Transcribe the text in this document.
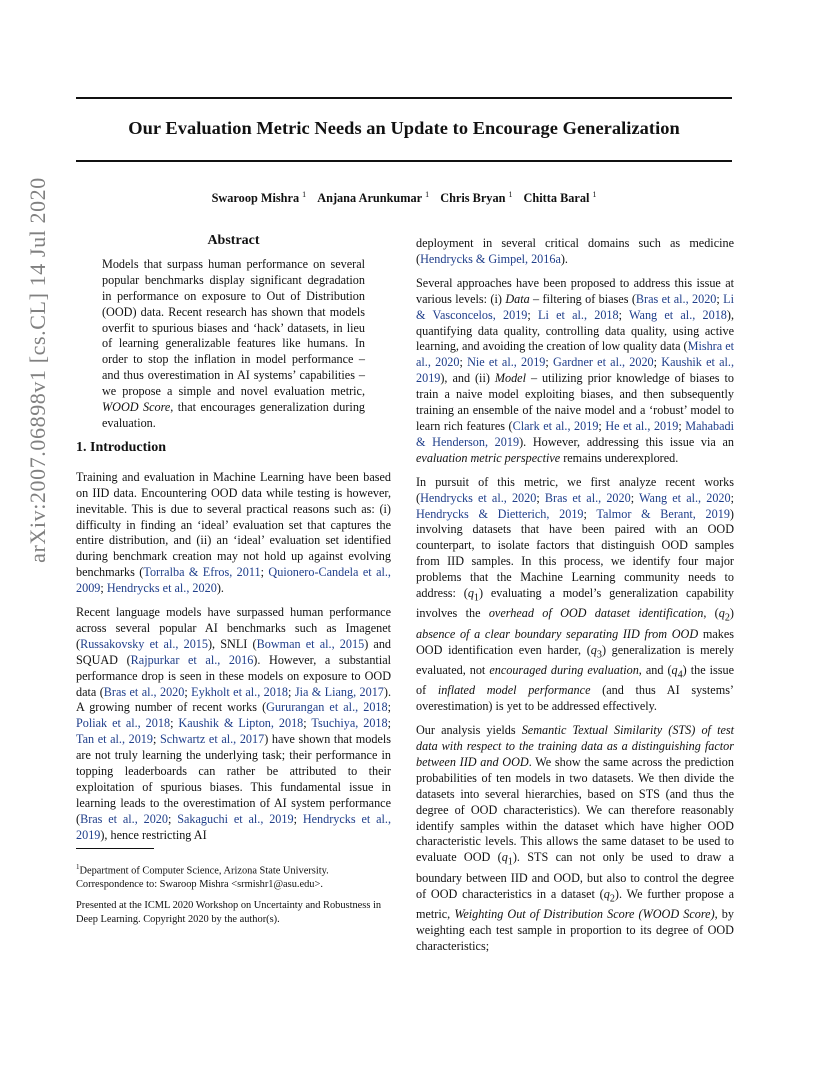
Our Evaluation Metric Needs an Update to Encourage Generalization
Swaroop Mishra $^1$ Anjana Arunkumar $^1$ Chris Bryan $^1$ Chitta Baral $^1$
arXiv:2007.06898v1 [cs.CL] 14 Jul 2020	Abstract

Models that surpass human performance on several popular benchmarks display significant degradation in performance on exposure to Out of Distribution (OOD) data. Recent research has shown that models overfit to spurious biases and ‘hack’ datasets, in lieu of learning generalizable features like humans. In order to stop the inflation in model performance – and thus overestimation in AI systems’ capabilities – we propose a simple and novel evaluation metric, WOOD Score, that encourages generalization during evaluation.

1. Introduction

Training and evaluation in Machine Learning have been based on IID data. Encountering OOD data while testing is however, inevitable. This is due to several practical reasons such as: (i) difficulty in finding an ‘ideal’ evaluation set that captures the entire distribution, and (ii) an ‘ideal’ evaluation set identified during benchmark creation may not hold up against evolving benchmarks (Torralba & Efros, 2011; Quionero-Candela et al., 2009; Hendrycks et al., 2020).

Recent language models have surpassed human performance across several popular AI benchmarks such as Imagenet (Russakovsky et al., 2015), SNLI (Bowman et al., 2015) and SQUAD (Rajpurkar et al., 2016). However, a substantial performance drop is seen in these models on exposure to OOD data (Bras et al., 2020; Eykholt et al., 2018; Jia & Liang, 2017). A growing number of recent works (Gururangan et al., 2018; Poliak et al., 2018; Kaushik & Lipton, 2018; Tsuchiya, 2018; Tan et al., 2019; Schwartz et al., 2017) have shown that models are not truly learning the underlying task; their performance in topping leaderboards can rather be attributed to their exploitation of spurious biases. This fundamental issue in learning leads to the overestimation of AI system performance (Bras et al., 2020; Sakaguchi et al., 2019; Hendrycks et al., 2019), hence restricting AI

$^1$Department of Computer Science, Arizona State University. Correspondence to: Swaroop Mishra <srmishr1@asu.edu>.

Presented at the ICML 2020 Workshop on Uncertainty and Robustness in Deep Learning. Copyright 2020 by the author(s).

deployment in several critical domains such as medicine (Hendrycks & Gimpel, 2016a).

Several approaches have been proposed to address this issue at various levels: (i) Data – filtering of biases (Bras et al., 2020; Li & Vasconcelos, 2019; Li et al., 2018; Wang et al., 2018), quantifying data quality, controlling data quality, using active learning, and avoiding the creation of low quality data (Mishra et al., 2020; Nie et al., 2019; Gardner et al., 2020; Kaushik et al., 2019), and (ii) Model – utilizing prior knowledge of biases to train a naive model exploiting biases, and then subsequently training an ensemble of the naive model and a ‘robust’ model to learn rich features (Clark et al., 2019; He et al., 2019; Mahabadi & Henderson, 2019). However, addressing this issue via an evaluation metric perspective remains underexplored.

In pursuit of this metric, we first analyze recent works (Hendrycks et al., 2020; Bras et al., 2020; Wang et al., 2020; Hendrycks & Dietterich, 2019; Talmor & Berant, 2019) involving datasets that have been paired with an OOD counterpart, to isolate factors that distinguish OOD samples from IID samples. In this process, we identify four major problems that the Machine Learning community needs to address: $(q_1)$ evaluating a model’s generalization capability involves the overhead of OOD dataset identification, $(q_2)$ absence of a clear boundary separating IID from OOD makes OOD identification even harder, $(q_3)$ generalization is merely evaluated, not encouraged during evaluation, and $(q_4)$ the issue of inflated model performance (and thus AI systems’ overestimation) is yet to be addressed effectively.

Our analysis yields Semantic Textual Similarity (STS) of test data with respect to the training data as a distinguishing factor between IID and OOD. We show the same across the prediction probabilities of ten models in two datasets. We then divide the datasets into several hierarchies, based on STS (and thus the degree of OOD characteristics). We can therefore reasonably identify samples within the dataset which have higher OOD characteristic levels. This allows the same dataset to be used to evaluate OOD $(q_1)$. STS can not only be used to draw a boundary between IID and OOD, but also to control the degree of OOD characteristics in a dataset $(q_2)$. We further propose a metric, Weighting Out of Distribution Score (WOOD Score), by weighting each test sample in proportion to its degree of OOD characteristics;
